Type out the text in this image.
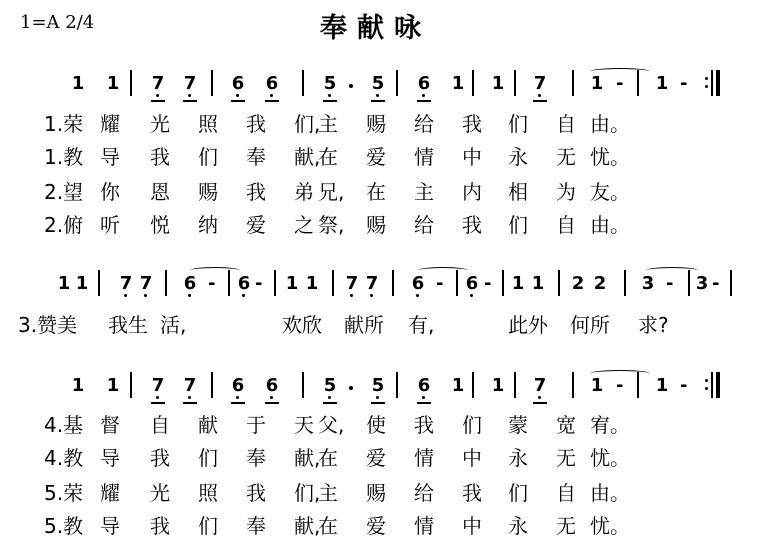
1=A 2/4	奉献咏
1 1 7 7 6 6	5 5 6 1 1 7 1 - 1 -
1 1 7 7 6 6	5 5 6 1 1 7 1 - 1 -
1 1 7 7 6 - 6 - 1 1 7 7 6 - 6 - 1 1 2 2 3 - 3 -
1.荣 耀 光 照 我 们,
主 赐 给 我 们 自 由。
1.教 导 我 们 奉 献,
在 爱 情 中 永 无 忧。
2.望 你 恩 赐 我 弟 兄, 在 主 内 相 为 友。
2.俯 听 悦 纳 爱 之 祭, 赐 给 我 们 自 由。
3.赞美 我生 活,	欢欣 献所 有,	此外 何所 求?
4.基 督 自 献 于 天 父, 使 我 们 蒙 宽 宥。
4.教 导 我 们 奉 献,
在 爱 情 中 永 无 忧。
5.荣 耀 光 照 我 们,
主 赐 给 我 们 自 由。
5.教 导 我 们 奉 献,
在 爱 情 中 永 无 忧。
